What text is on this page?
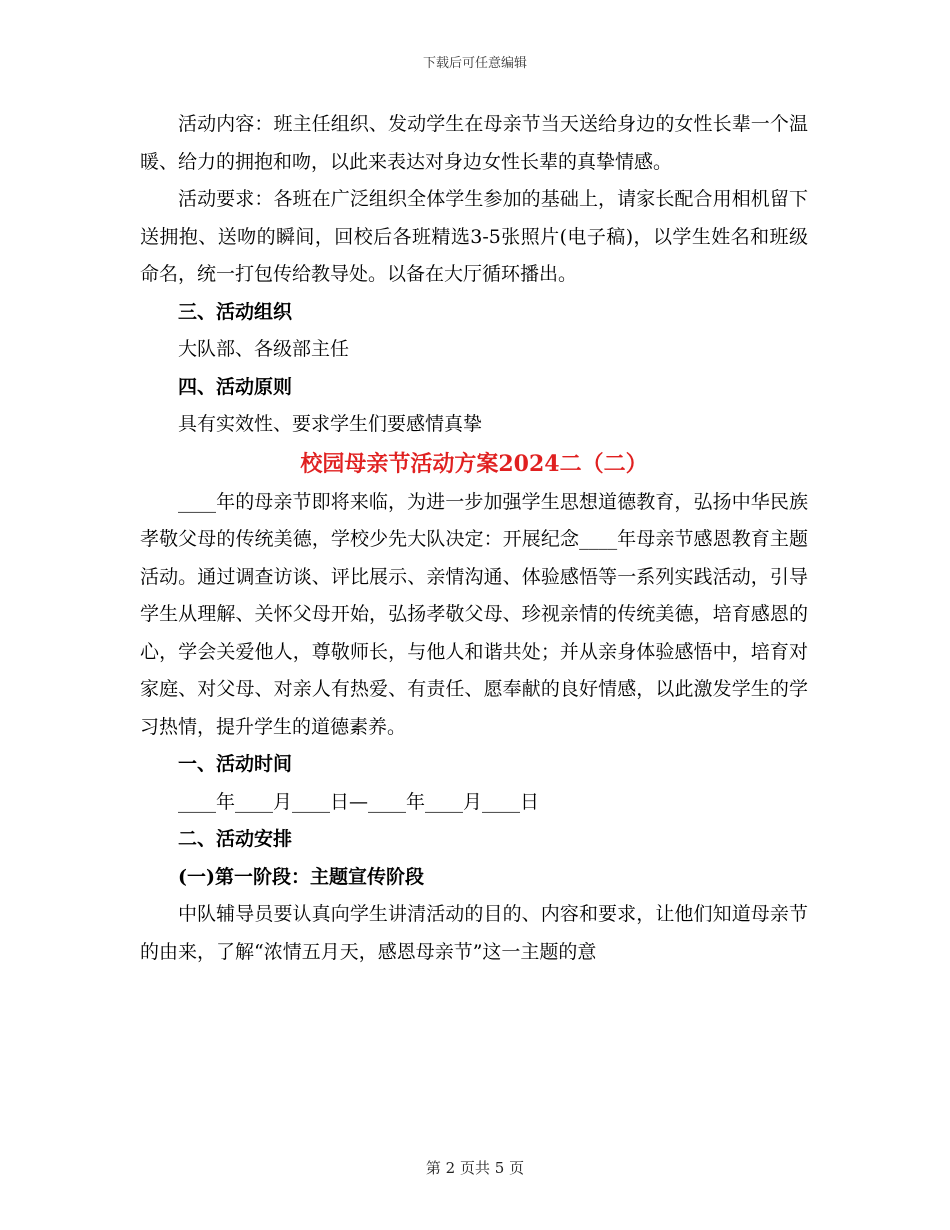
下载后可任意编辑

活动内容：班主任组织、发动学生在母亲节当天送给身边的女性长辈一个温暖、给力的拥抱和吻，以此来表达对身边女性长辈的真挚情感。

活动要求：各班在广泛组织全体学生参加的基础上，请家长配合用相机留下送拥抱、送吻的瞬间，回校后各班精选3-5张照片(电子稿)，以学生姓名和班级命名，统一打包传给教导处。以备在大厅循环播出。

三、活动组织

大队部、各级部主任

四、活动原则

具有实效性、要求学生们要感情真挚

校园母亲节活动方案2024二（二）

____年的母亲节即将来临，为进一步加强学生思想道德教育，弘扬中华民族孝敬父母的传统美德，学校少先大队决定：开展纪念____年母亲节感恩教育主题活动。通过调查访谈、评比展示、亲情沟通、体验感悟等一系列实践活动，引导学生从理解、关怀父母开始，弘扬孝敬父母、珍视亲情的传统美德，培育感恩的心，学会关爱他人，尊敬师长，与他人和谐共处；并从亲身体验感悟中，培育对家庭、对父母、对亲人有热爱、有责任、愿奉献的良好情感，以此激发学生的学习热情，提升学生的道德素养。

一、活动时间

____年____月____日—____年____月____日

二、活动安排

(一)第一阶段：主题宣传阶段

中队辅导员要认真向学生讲清活动的目的、内容和要求，让他们知道母亲节的由来，了解“浓情五月天，感恩母亲节”这一主题的意

第 2 页共 5 页
